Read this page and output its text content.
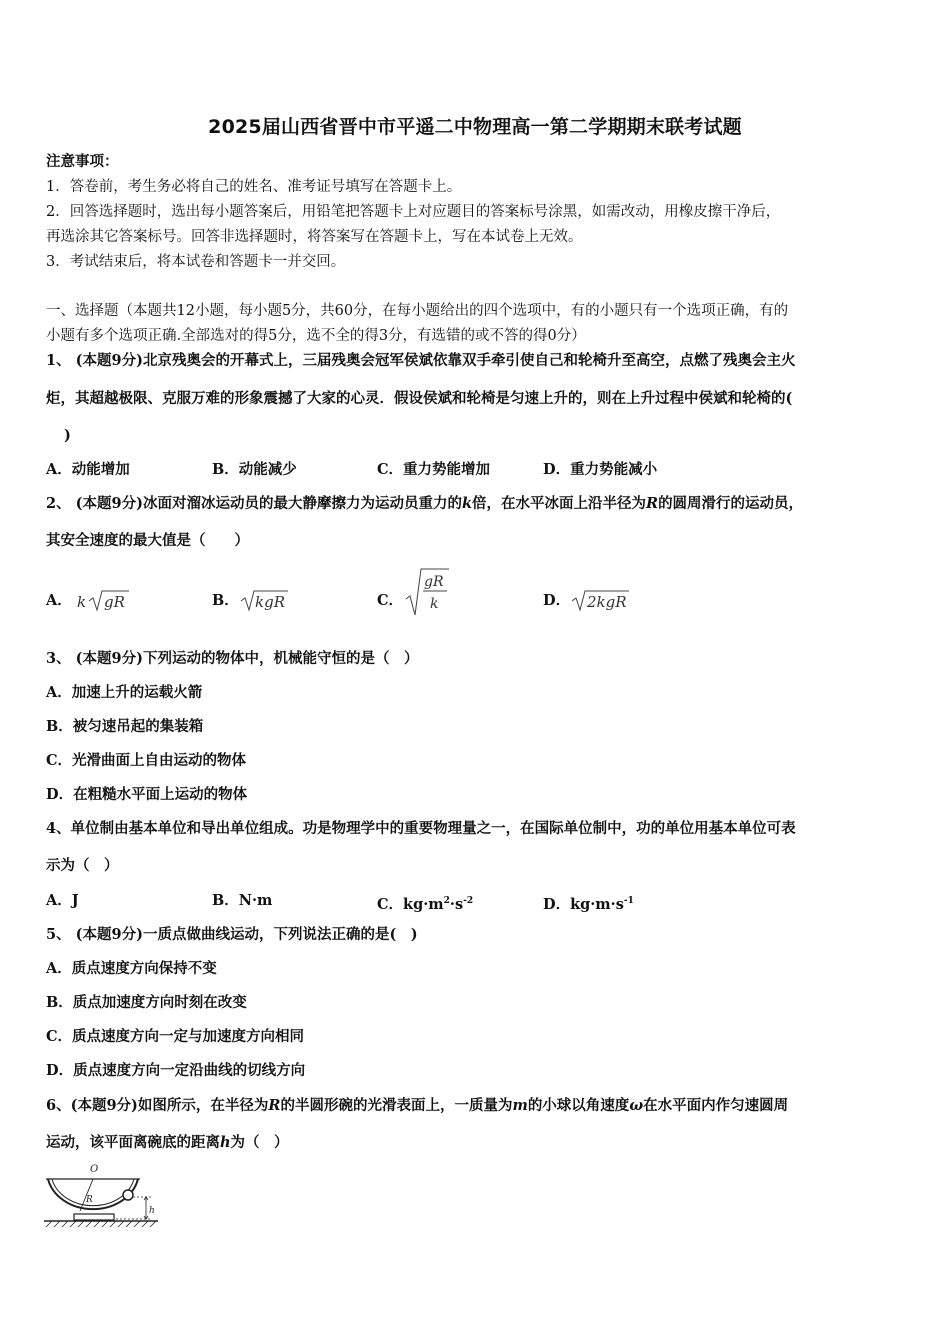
2025届山西省晋中市平遥二中物理高一第二学期期末联考试题
注意事项：
1．答卷前，考生务必将自己的姓名、准考证号填写在答题卡上。
2．回答选择题时，选出每小题答案后，用铅笔把答题卡上对应题目的答案标号涂黑，如需改动，用橡皮擦干净后，
再选涂其它答案标号。回答非选择题时，将答案写在答题卡上，写在本试卷上无效。
3．考试结束后，将本试卷和答题卡一并交回。
一、选择题（本题共12小题，每小题5分，共60分，在每小题给出的四个选项中，有的小题只有一个选项正确，有的
小题有多个选项正确.全部选对的得5分，选不全的得3分，有选错的或不答的得0分）
1、 (本题9分)北京残奥会的开幕式上，三届残奥会冠军侯斌依靠双手牵引使自己和轮椅升至高空，点燃了残奥会主火
炬，其超越极限、克服万难的形象震撼了大家的心灵．假设侯斌和轮椅是匀速上升的，则在上升过程中侯斌和轮椅的(
)
A．动能增加	B．动能减少	C．重力势能增加	D．重力势能减小
2、 (本题9分)冰面对溜冰运动员的最大静摩擦力为运动员重力的k倍，在水平冰面上沿半径为R的圆周滑行的运动员，
其安全速度的最大值是（　　）
A． k gR	B． kgR	C．
gR
k	D． 2kgR
3、 (本题9分)下列运动的物体中，机械能守恒的是（　）
A．加速上升的运载火箭
B．被匀速吊起的集装箱
C．光滑曲面上自由运动的物体
D．在粗糙水平面上运动的物体
4、单位制由基本单位和导出单位组成。功是物理学中的重要物理量之一，在国际单位制中，功的单位用基本单位可表
示为（　）
A．J	B．N·m	C．$kg\cdot m^2\cdot s^{-2}$	D．$kg\cdot m\cdot s^{-1}$
5、 (本题9分)一质点做曲线运动，下列说法正确的是(　)
A．质点速度方向保持不变
B．质点加速度方向时刻在改变
C．质点速度方向一定与加速度方向相同
D．质点速度方向一定沿曲线的切线方向
6、(本题9分)如图所示，在半径为R的半圆形碗的光滑表面上，一质量为m的小球以角速度ω在水平面内作匀速圆周
运动，该平面离碗底的距离h为（　）
O
R
h
